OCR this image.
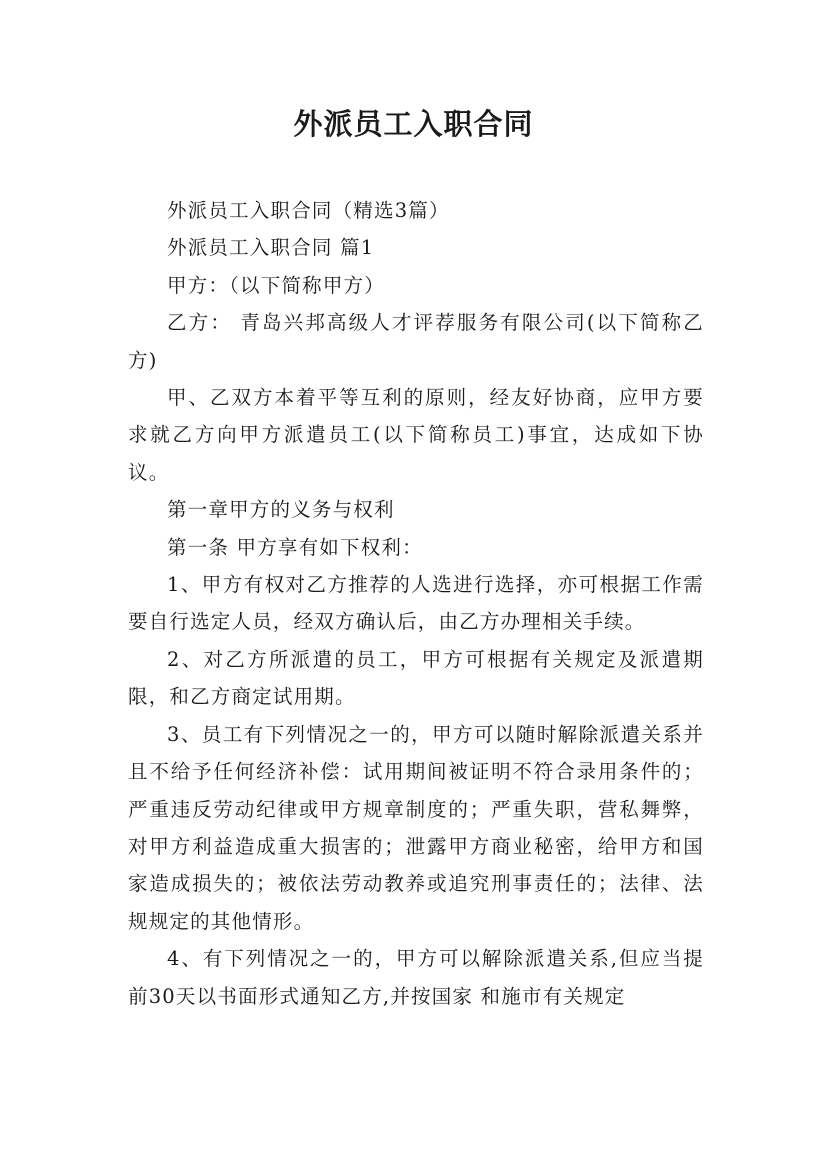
外派员工入职合同

外派员工入职合同（精选3篇）

外派员工入职合同 篇1

甲方：（以下简称甲方）

乙方： 青岛兴邦高级人才评荐服务有限公司(以下简称乙方)

甲、乙双方本着平等互利的原则，经友好协商，应甲方要求就乙方向甲方派遣员工(以下简称员工)事宜，达成如下协议。

第一章甲方的义务与权利

第一条 甲方享有如下权利：

1、甲方有权对乙方推荐的人选进行选择，亦可根据工作需要自行选定人员，经双方确认后，由乙方办理相关手续。

2、对乙方所派遣的员工，甲方可根据有关规定及派遣期限，和乙方商定试用期。

3、员工有下列情况之一的，甲方可以随时解除派遣关系并且不给予任何经济补偿：试用期间被证明不符合录用条件的；严重违反劳动纪律或甲方规章制度的；严重失职，营私舞弊，对甲方利益造成重大损害的；泄露甲方商业秘密，给甲方和国家造成损失的；被依法劳动教养或追究刑事责任的；法律、法规规定的其他情形。

4、有下列情况之一的，甲方可以解除派遣关系,但应当提前30天以书面形式通知乙方,并按国家 和施市有关规定
